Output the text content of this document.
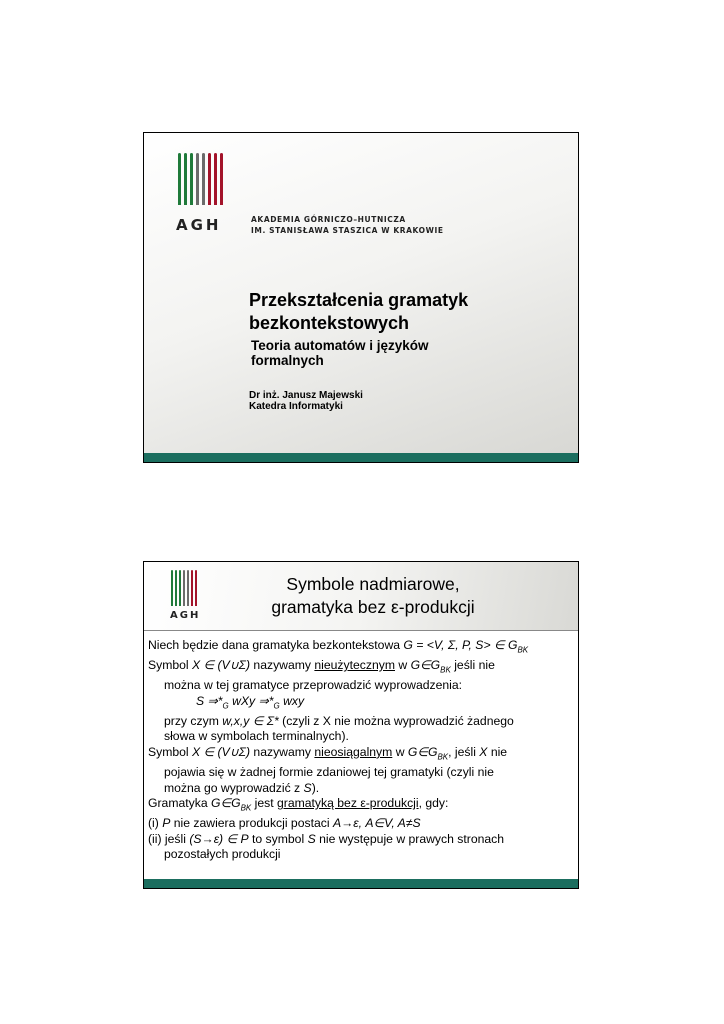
AGH	AKADEMIA GÓRNICZO–HUTNICZA
IM. STANISŁAWA STASZICA W KRAKOWIE
Przekształcenia gramatyk
bezkontekstowych
Teoria automatów i języków
formalnych
Dr inż. Janusz Majewski
Katedra Informatyki
AGH
Symbole nadmiarowe,
gramatyka bez ε-produkcji

Niech będzie dana gramatyka bezkontekstowa G = <V, Σ, P, S> ∈ $G_{BK}$

Symbol X ∈ (V∪Σ) nazywamy nieużytecznym w $G\in G_{BK}$ jeśli nie

można w tej gramatyce przeprowadzić wyprowadzenia:

S $\Rightarrow*_G$ wXy $\Rightarrow*_G$ wxy

przy czym w,x,y ∈ Σ* (czyli z X nie można wyprowadzić żadnego

słowa w symbolach terminalnych).

Symbol X ∈ (V∪Σ) nazywamy nieosiągalnym w $G\in G_{BK}$, jeśli X nie

pojawia się w żadnej formie zdaniowej tej gramatyki (czyli nie

można go wyprowadzić z S).

Gramatyka $G\in G_{BK}$ jest gramatyką bez ε-produkcji, gdy:

(i) P nie zawiera produkcji postaci A→ε, A∈V, A≠S

(ii) jeśli (S→ε) ∈ P to symbol S nie występuje w prawych stronach

pozostałych produkcji
